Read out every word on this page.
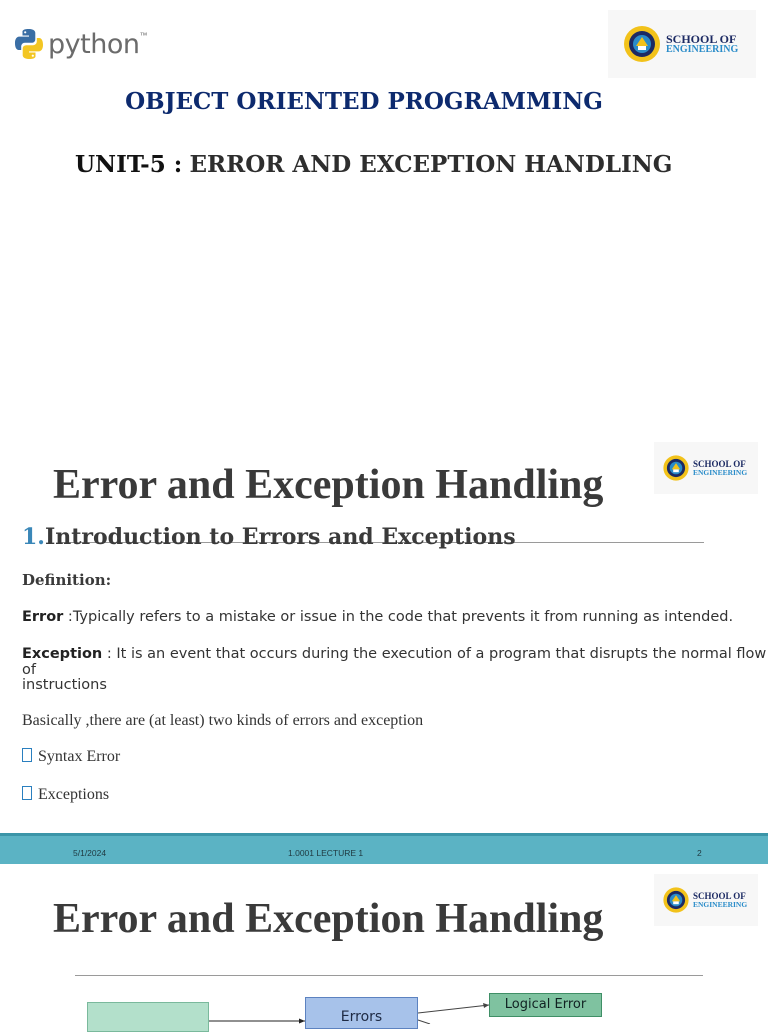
python ™	SCHOOL OF
ENGINEERING
OBJECT ORIENTED PROGRAMMING
UNIT-5 : ERROR AND EXCEPTION HANDLING
SCHOOL OF
ENGINEERING
Error and Exception Handling
1.Introduction to Errors and Exceptions
Definition:
Error :Typically refers to a mistake or issue in the code that prevents it from running as intended.
Exception : It is an event that occurs during the execution of a program that disrupts the normal flow of
instructions
Basically ,there are (at least) two kinds of errors and exception
Syntax Error
Exceptions
5/1/2024	1.0001 LECTURE 1	2
SCHOOL OF
ENGINEERING
Error and Exception Handling
Errors
Logical Error
